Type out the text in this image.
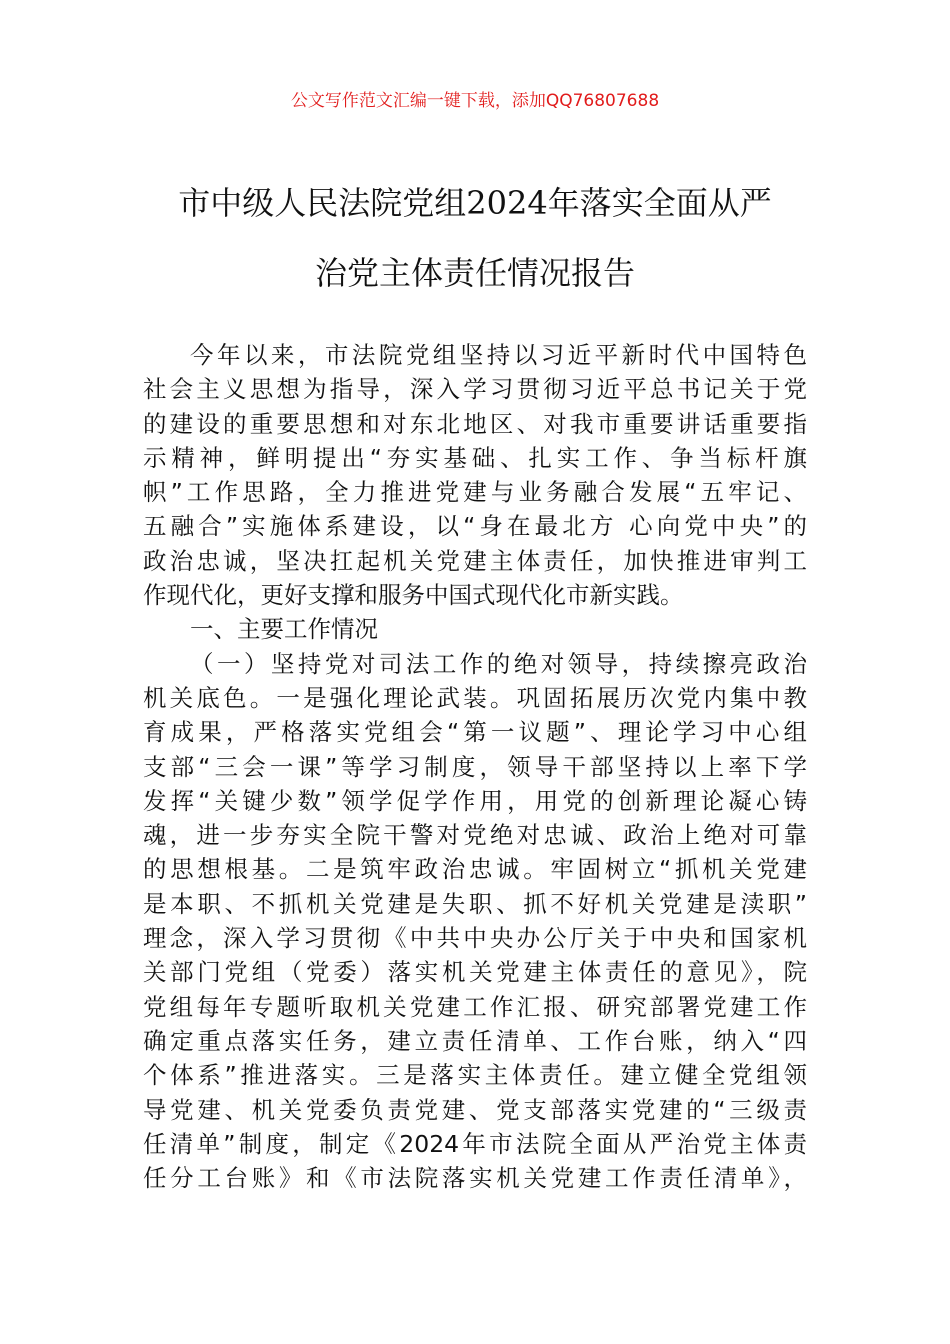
公文写作范文汇编一键下载，添加QQ76807688
市中级人民法院党组2024年落实全面从严
治党主体责任情况报告
今年以来，市法院党组坚持以习近平新时代中国特色
社会主义思想为指导，深入学习贯彻习近平总书记关于党
的建设的重要思想和对东北地区、对我市重要讲话重要指
示精神，鲜明提出“夯实基础、扎实工作、争当标杆旗
帜”工作思路，全力推进党建与业务融合发展“五牢记、
五融合”实施体系建设，以“身在最北方 心向党中央”的
政治忠诚，坚决扛起机关党建主体责任，加快推进审判工
作现代化，更好支撑和服务中国式现代化市新实践。
一、主要工作情况
（一）坚持党对司法工作的绝对领导，持续擦亮政治
机关底色。一是强化理论武装。巩固拓展历次党内集中教
育成果，严格落实党组会“第一议题”、理论学习中心组
支部“三会一课”等学习制度，领导干部坚持以上率下学
发挥“关键少数”领学促学作用，用党的创新理论凝心铸
魂，进一步夯实全院干警对党绝对忠诚、政治上绝对可靠
的思想根基。二是筑牢政治忠诚。牢固树立“抓机关党建
是本职、不抓机关党建是失职、抓不好机关党建是渎职”
理念，深入学习贯彻《中共中央办公厅关于中央和国家机
关部门党组（党委）落实机关党建主体责任的意见》，院
党组每年专题听取机关党建工作汇报、研究部署党建工作
确定重点落实任务，建立责任清单、工作台账，纳入“四
个体系”推进落实。三是落实主体责任。建立健全党组领
导党建、机关党委负责党建、党支部落实党建的“三级责
任清单”制度，制定《2024年市法院全面从严治党主体责
任分工台账》和《市法院落实机关党建工作责任清单》，
